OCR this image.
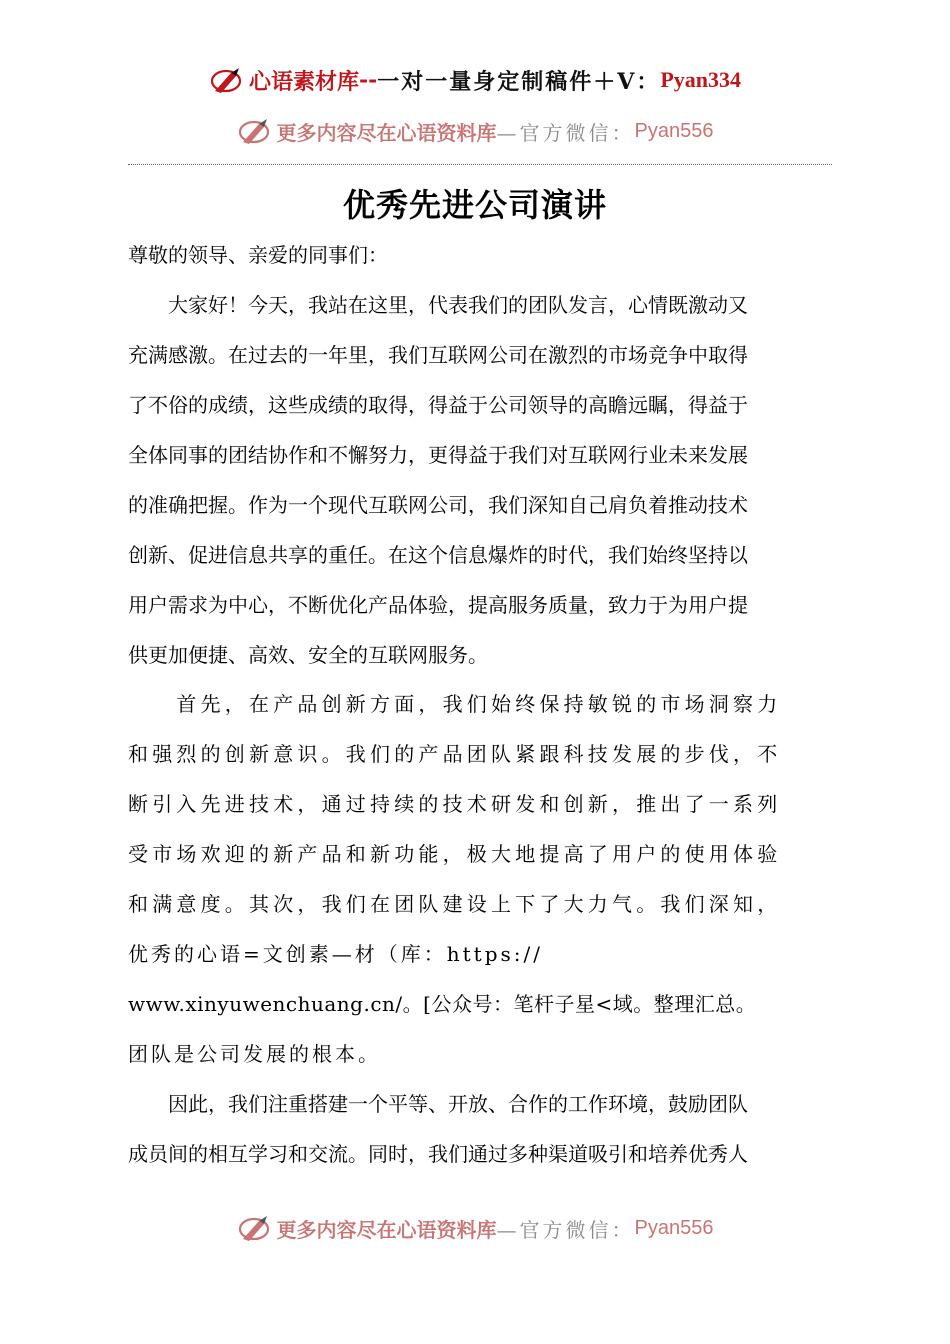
心语素材库 -- 一对一量身定制稿件＋V： Pyan334
更多内容尽在心语资料库 —官方微信： Pyan556
优秀先进公司演讲
尊敬的领导、亲爱的同事们：
　　大家好！今天，我站在这里，代表我们的团队发言，心情既激动又
充满感激。在过去的一年里，我们互联网公司在激烈的市场竞争中取得
了不俗的成绩，这些成绩的取得，得益于公司领导的高瞻远瞩，得益于
全体同事的团结协作和不懈努力，更得益于我们对互联网行业未来发展
的准确把握。作为一个现代互联网公司，我们深知自己肩负着推动技术
创新、促进信息共享的重任。在这个信息爆炸的时代，我们始终坚持以
用户需求为中心，不断优化产品体验，提高服务质量，致力于为用户提
供更加便捷、高效、安全的互联网服务。
　　首先，在产品创新方面，我们始终保持敏锐的市场洞察力
和强烈的创新意识。我们的产品团队紧跟科技发展的步伐，不
断引入先进技术，通过持续的技术研发和创新，推出了一系列
受市场欢迎的新产品和新功能，极大地提高了用户的使用体验
和满意度。其次，我们在团队建设上下了大力气。我们深知，
优秀的心语=文创素—材（库：https://
www.xinyuwenchuang.cn/。[公众号：笔杆子星<域。整理汇总。
团队是公司发展的根本。
　　因此，我们注重搭建一个平等、开放、合作的工作环境，鼓励团队
成员间的相互学习和交流。同时，我们通过多种渠道吸引和培养优秀人
更多内容尽在心语资料库 —官方微信： Pyan556
